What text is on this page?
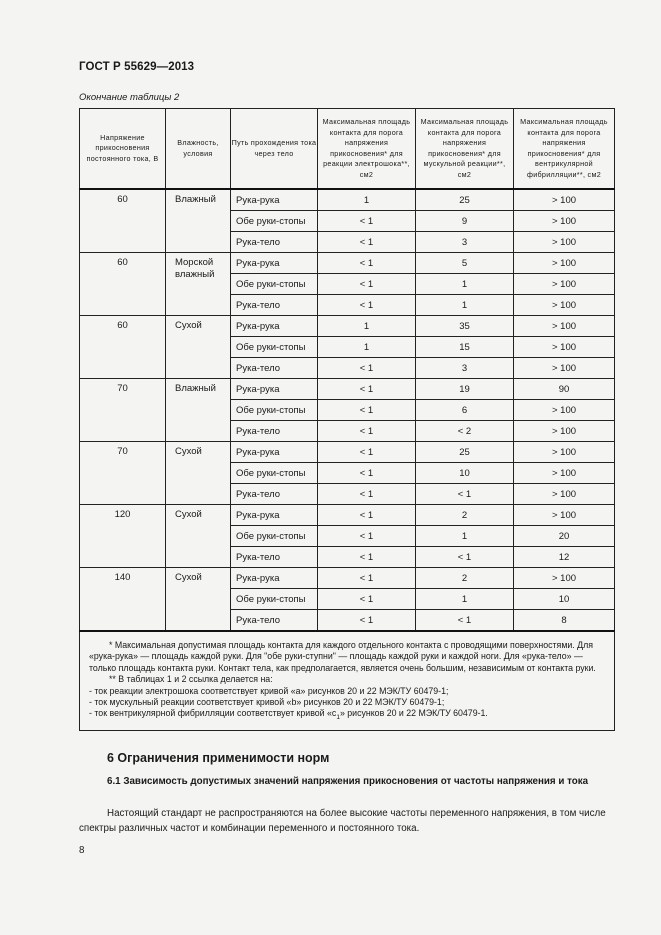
ГОСТ Р 55629—2013
Окончание таблицы 2
Напряжение прикосновения постоянного тока, В	Влажность, условия	Путь прохождения тока через тело	Максимальная площадь контакта для порога напряжения прикосновения* для реакции электрошока**, см2	Максимальная площадь контакта для порога напряжения прикосновения* для мускульной реакции**, см2	Максимальная площадь контакта для порога напряжения прикосновения* для вентрикулярной фибрилляции**, см2
60	Влажный	Рука-рука	1	25	> 100
		Обе руки-стопы	< 1	9	> 100
		Рука-тело	< 1	3	> 100
60	Морской влажный	Рука-рука	< 1	5	> 100
		Обе руки-стопы	< 1	1	> 100
		Рука-тело	< 1	1	> 100
60	Сухой	Рука-рука	1	35	> 100
		Обе руки-стопы	1	15	> 100
		Рука-тело	< 1	3	> 100
70	Влажный	Рука-рука	< 1	19	90
		Обе руки-стопы	< 1	6	> 100
		Рука-тело	< 1	< 2	> 100
70	Сухой	Рука-рука	< 1	25	> 100
		Обе руки-стопы	< 1	10	> 100
		Рука-тело	< 1	< 1	> 100
120	Сухой	Рука-рука	< 1	2	> 100
		Обе руки-стопы	< 1	1	20
		Рука-тело	< 1	< 1	12
140	Сухой	Рука-рука	< 1	2	> 100
		Обе руки-стопы	< 1	1	10
		Рука-тело	< 1	< 1	8

* Максимальная допустимая площадь контакта для каждого отдельного контакта с проводящими поверхностями. Для «рука-рука» — площадь каждой руки. Для "обе руки-ступни" — площадь каждой руки и каждой ноги. Для «рука-тело» — только площадь контакта руки. Контакт тела, как предполагается, является очень большим, независимым от контакта руки.

** В таблицах 1 и 2 ссылка делается на:

- ток реакции электрошока соответствует кривой «а» рисунков 20 и 22 МЭК/ТУ 60479-1;

- ток мускульный реакции соответствует кривой «b» рисунков 20 и 22 МЭК/ТУ 60479-1;

- ток вентрикулярной фибрилляции соответствует кривой «$c_1$» рисунков 20 и 22 МЭК/ТУ 60479-1.					

6 Ограничения применимости норм
6.1 Зависимость допустимых значений напряжения прикосновения от частоты напряжения и тока
Настоящий стандарт не распространяются на более высокие частоты переменного напряжения, в том числе спектры различных частот и комбинации переменного и постоянного тока.
8
